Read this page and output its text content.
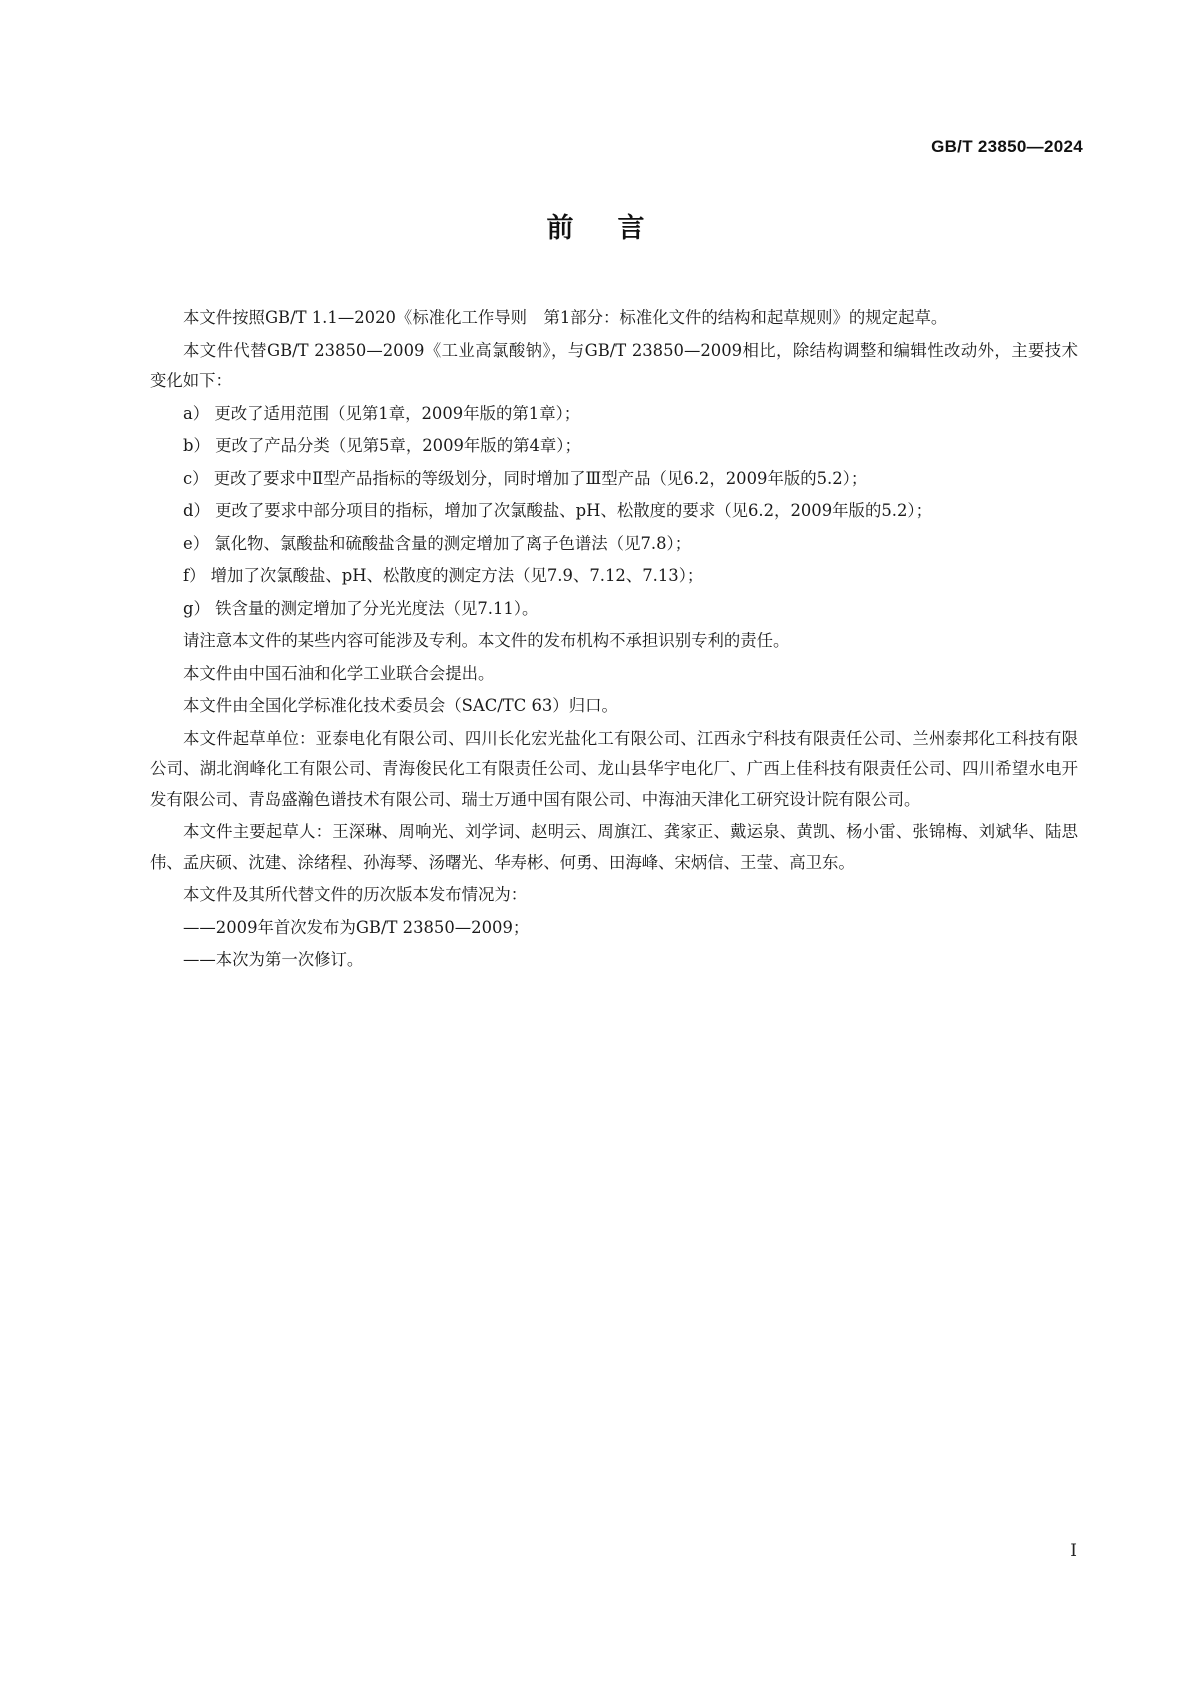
GB/T 23850—2024
前言

本文件按照GB/T 1.1—2020《标准化工作导则　第1部分：标准化文件的结构和起草规则》的规定起草。

本文件代替GB/T 23850—2009《工业高氯酸钠》，与GB/T 23850—2009相比，除结构调整和编辑性改动外，主要技术变化如下：

a） 更改了适用范围（见第1章，2009年版的第1章）；

b） 更改了产品分类（见第5章，2009年版的第4章）；

c） 更改了要求中Ⅱ型产品指标的等级划分，同时增加了Ⅲ型产品（见6.2，2009年版的5.2）；

d） 更改了要求中部分项目的指标，增加了次氯酸盐、pH、松散度的要求（见6.2，2009年版的5.2）；

e） 氯化物、氯酸盐和硫酸盐含量的测定增加了离子色谱法（见7.8）；

f） 增加了次氯酸盐、pH、松散度的测定方法（见7.9、7.12、7.13）；

g） 铁含量的测定增加了分光光度法（见7.11）。

请注意本文件的某些内容可能涉及专利。本文件的发布机构不承担识别专利的责任。

本文件由中国石油和化学工业联合会提出。

本文件由全国化学标准化技术委员会（SAC/TC 63）归口。

本文件起草单位：亚泰电化有限公司、四川长化宏光盐化工有限公司、江西永宁科技有限责任公司、兰州泰邦化工科技有限公司、湖北润峰化工有限公司、青海俊民化工有限责任公司、龙山县华宇电化厂、广西上佳科技有限责任公司、四川希望水电开发有限公司、青岛盛瀚色谱技术有限公司、瑞士万通中国有限公司、中海油天津化工研究设计院有限公司。

本文件主要起草人：王深琳、周响光、刘学词、赵明云、周旗江、龚家正、戴运泉、黄凯、杨小雷、张锦梅、刘斌华、陆思伟、孟庆硕、沈建、涂绪程、孙海琴、汤曙光、华寿彬、何勇、田海峰、宋炳信、王莹、高卫东。

本文件及其所代替文件的历次版本发布情况为：

——2009年首次发布为GB/T 23850—2009；

——本次为第一次修订。

Ⅰ
